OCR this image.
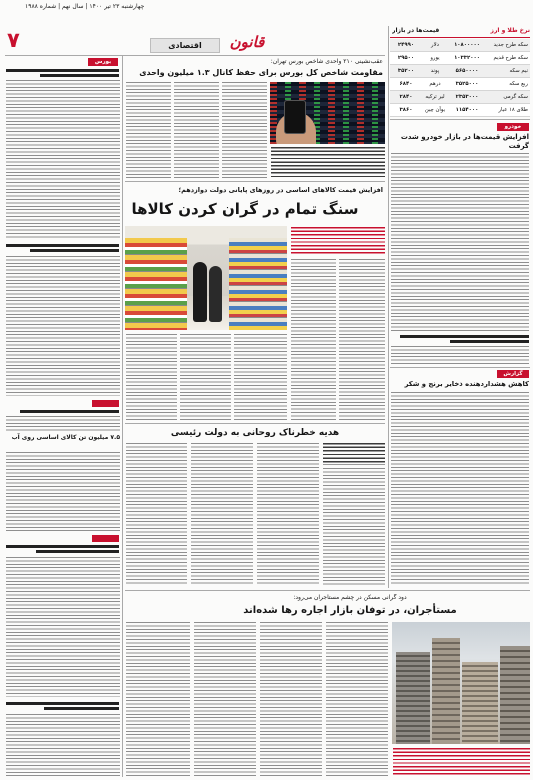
چهارشنبه ۲۳ تیر ۱۴۰۰ | سال نهم | شماره ۱۹۸۸
۷	اقتصادی	قانون
نرخ طلا و ارز
قیمت‌ها در بازار
سکه طرح جدید
۱۰۸۰۰۰۰۰
دلار
۲۴۹۹۰
سکه طرح قدیم
۱۰۳۳۲۰۰۰
یورو
۲۹۵۰۰
نیم سکه
۵۶۵۰۰۰۰
پوند
۳۵۲۰۰
ربع سکه
۳۵۲۵۰۰۰
درهم
۶۸۴۰
سکه گرمی
۲۳۵۳۰۰۰
لیر ترکیه
۲۸۴۰
طلای ۱۸ عیار
۱۱۵۴۰۰۰
یوآن چین
۳۸۶۰
خودرو
افزایش قیمت‌ها در بازار خودرو شدت گرفت
گزارش
کاهش هشداردهنده ذخایر برنج و شکر
عقب‌نشینی ۲۱۰ واحدی شاخص بورس تهران:
مقاومت شاخص کل بورس برای حفظ کانال ۱.۳ میلیون واحدی
افزایش قیمت کالاهای اساسی در روزهای پایانی دولت دوازدهم؛
سنگ تمام در گران کردن کالاها
هدیه خطرناک روحانی به دولت رئیسی
دود گرانی مسکن در چشم مستأجران می‌رود:
مستأجران، در توفان بازار اجاره رها شده‌اند
بورس
۷.۵ میلیون تن کالای اساسی روی آب
